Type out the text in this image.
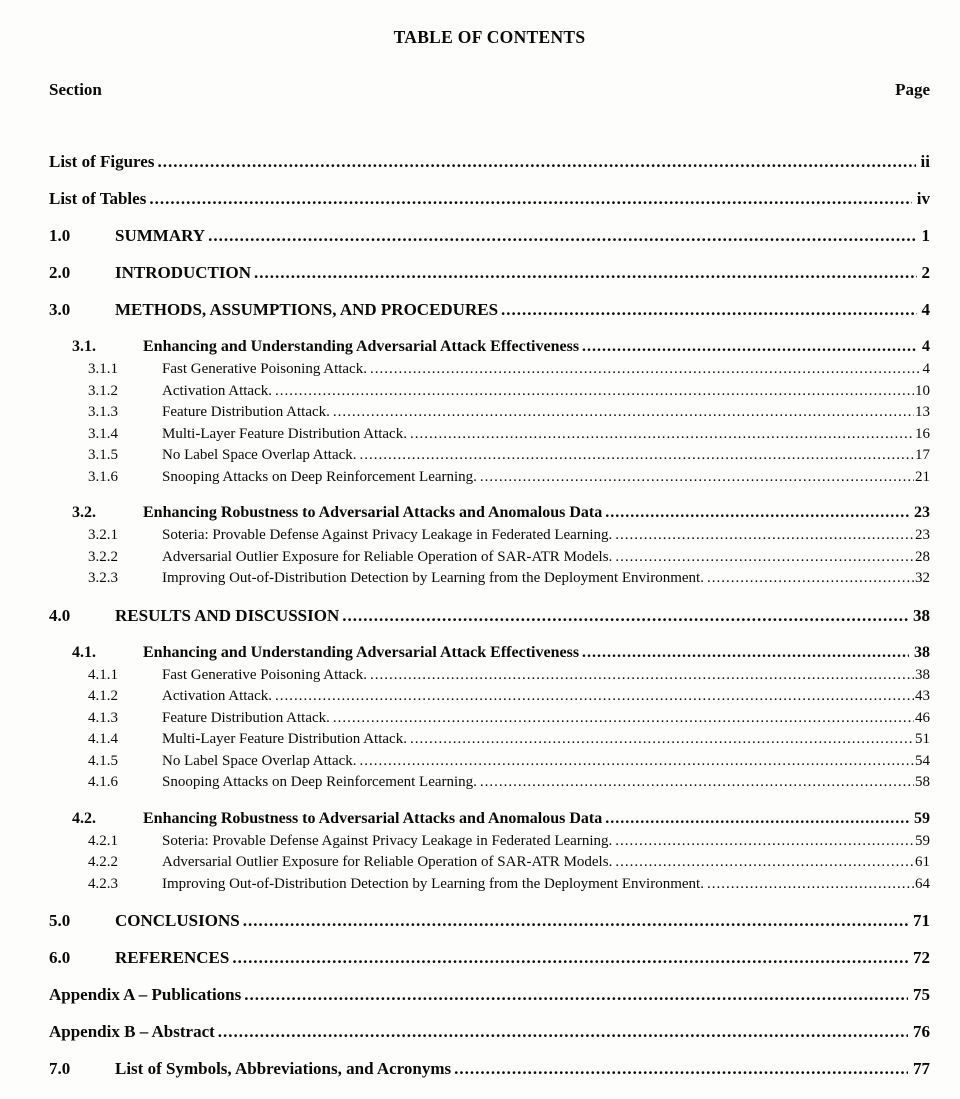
TABLE OF CONTENTS
Section	Page
List of Figures .....	ii
List of Tables .....	iv
1.0	SUMMARY .....	1
2.0	INTRODUCTION .....	2
3.0	METHODS, ASSUMPTIONS, AND PROCEDURES .....	4
3.1.	Enhancing and Understanding Adversarial Attack Effectiveness .....	4
3.1.1	Fast Generative Poisoning Attack. .....	4
3.1.2	Activation Attack. .....	10
3.1.3	Feature Distribution Attack. .....	13
3.1.4	Multi-Layer Feature Distribution Attack. .....	16
3.1.5	No Label Space Overlap Attack. .....	17
3.1.6	Snooping Attacks on Deep Reinforcement Learning. .....	21
3.2.	Enhancing Robustness to Adversarial Attacks and Anomalous Data .....	23
3.2.1	Soteria: Provable Defense Against Privacy Leakage in Federated Learning. .....	23
3.2.2	Adversarial Outlier Exposure for Reliable Operation of SAR-ATR Models. .....	28
3.2.3	Improving Out-of-Distribution Detection by Learning from the Deployment Environment. .....	32
4.0	RESULTS AND DISCUSSION .....	38
4.1.	Enhancing and Understanding Adversarial Attack Effectiveness .....	38
4.1.1	Fast Generative Poisoning Attack. .....	38
4.1.2	Activation Attack. .....	43
4.1.3	Feature Distribution Attack. .....	46
4.1.4	Multi-Layer Feature Distribution Attack. .....	51
4.1.5	No Label Space Overlap Attack. .....	54
4.1.6	Snooping Attacks on Deep Reinforcement Learning. .....	58
4.2.	Enhancing Robustness to Adversarial Attacks and Anomalous Data .....	59
4.2.1	Soteria: Provable Defense Against Privacy Leakage in Federated Learning. .....	59
4.2.2	Adversarial Outlier Exposure for Reliable Operation of SAR-ATR Models. .....	61
4.2.3	Improving Out-of-Distribution Detection by Learning from the Deployment Environment. .....	64
5.0	CONCLUSIONS .....	71
6.0	REFERENCES .....	72
Appendix A – Publications .....	75
Appendix B – Abstract .....	76
7.0	List of Symbols, Abbreviations, and Acronyms .....	77
